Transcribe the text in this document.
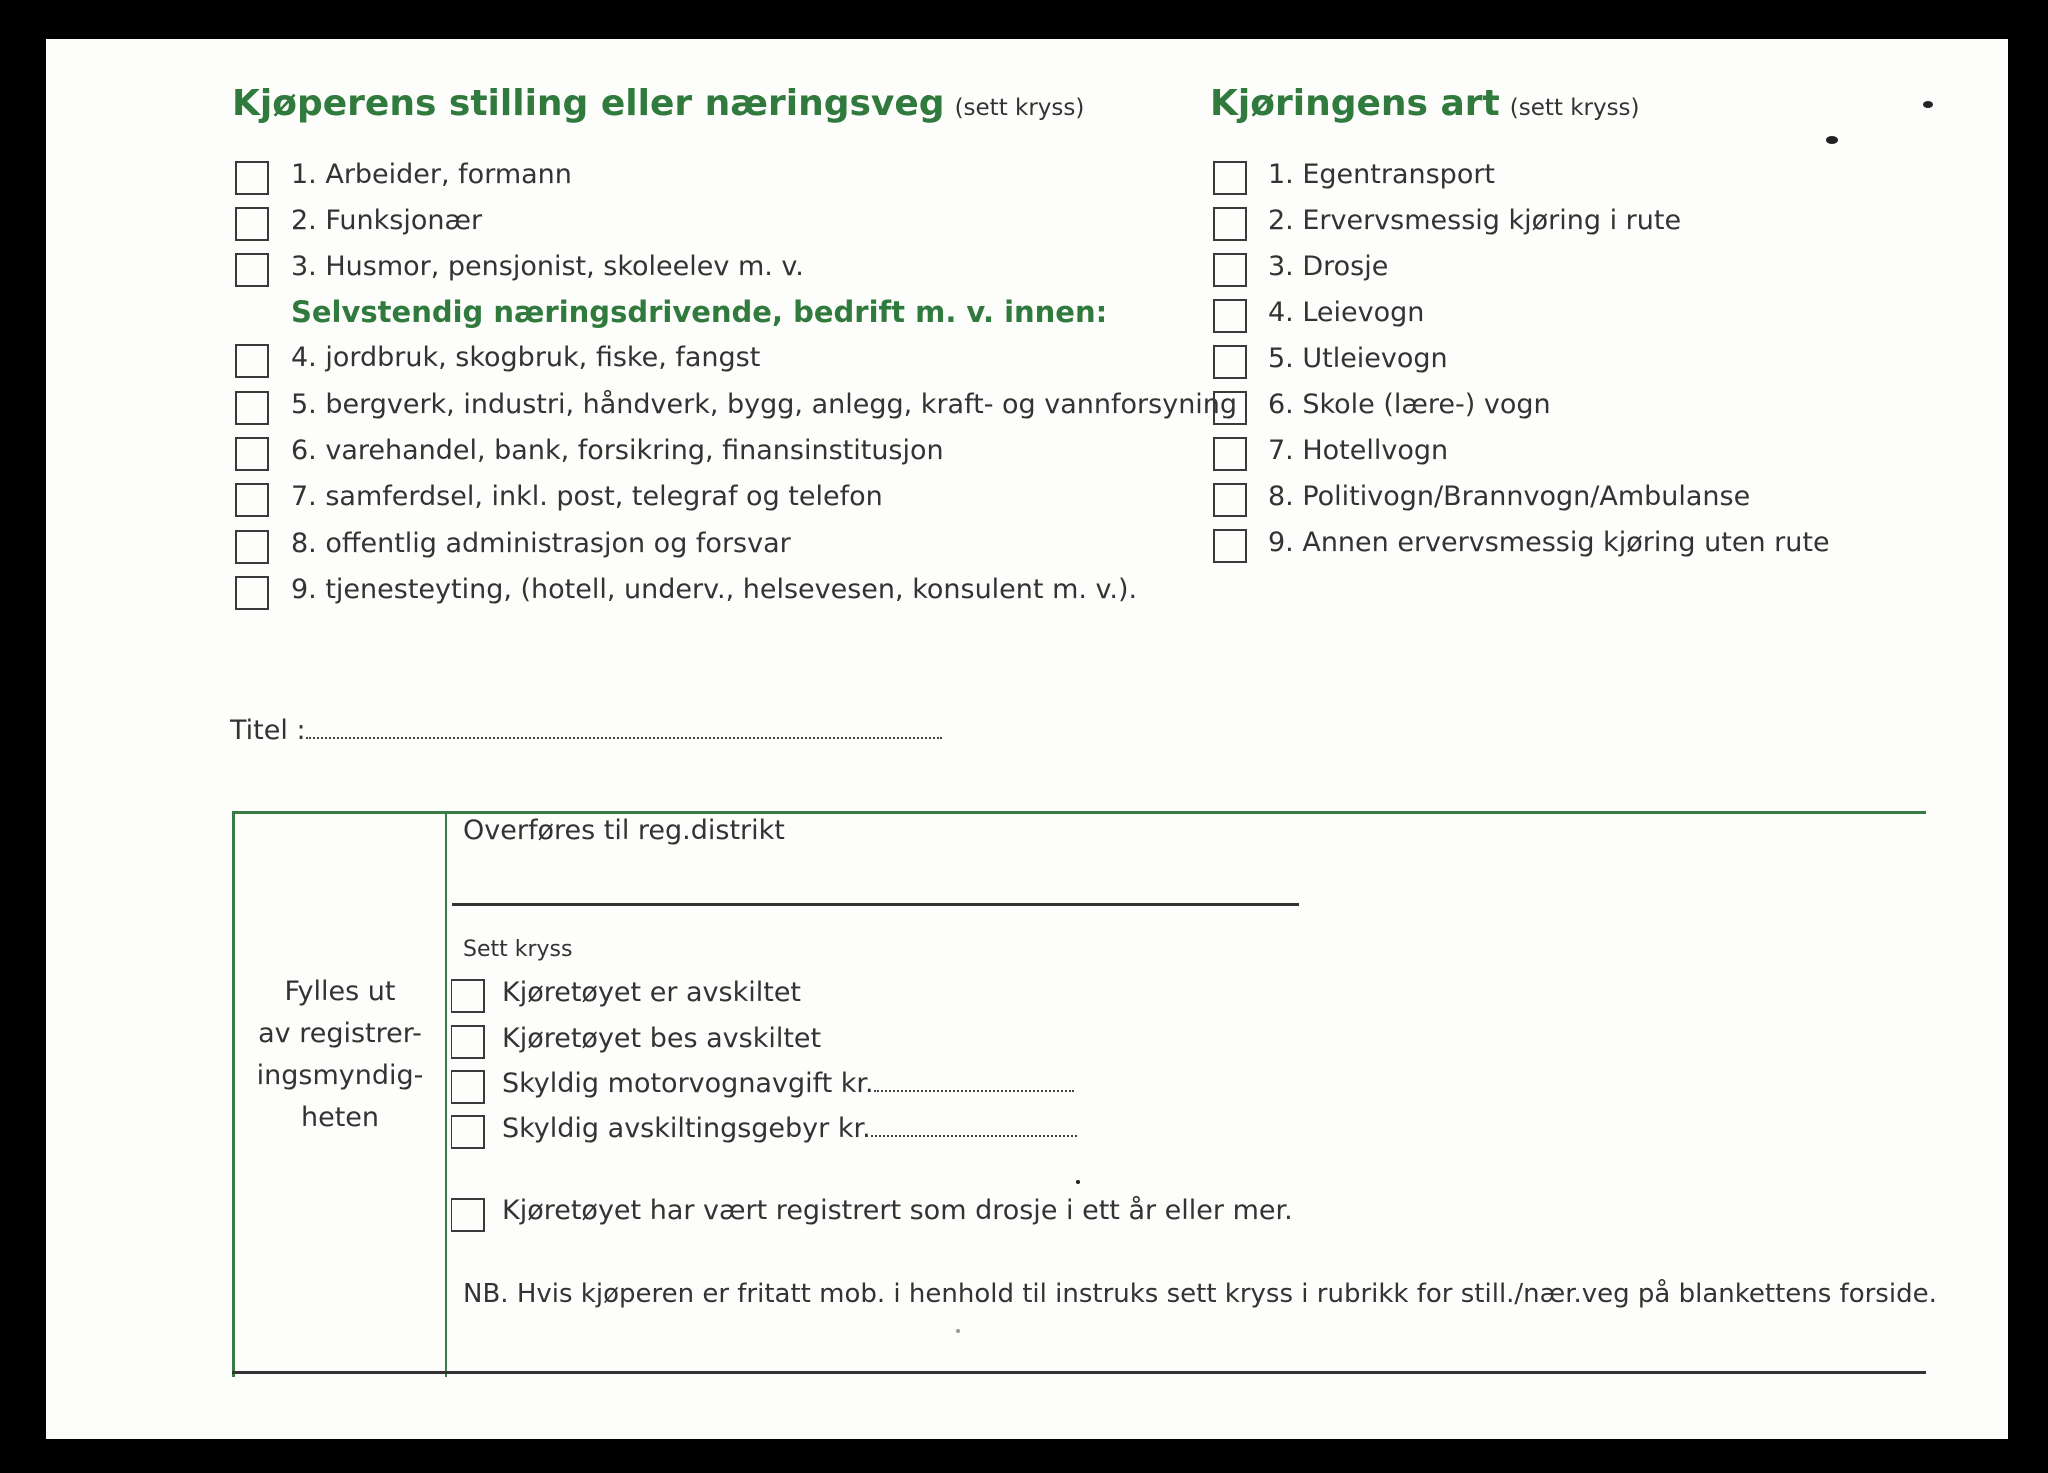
Kjøperens stilling eller næringsveg (sett kryss)
1. Arbeider, formann
2. Funksjonær
3. Husmor, pensjonist, skoleelev m. v.
Selvstendig næringsdrivende, bedrift m. v. innen:
4. jordbruk, skogbruk, fiske, fangst
5. bergverk, industri, håndverk, bygg, anlegg, kraft- og vannforsyning
6. varehandel, bank, forsikring, finansinstitusjon
7. samferdsel, inkl. post, telegraf og telefon
8. offentlig administrasjon og forsvar
9. tjenesteyting, (hotell, underv., helsevesen, konsulent m. v.).
Kjøringens art (sett kryss)
1. Egentransport
2. Ervervsmessig kjøring i rute
3. Drosje
4. Leievogn
5. Utleievogn
6. Skole (lære-) vogn
7. Hotellvogn
8. Politivogn/Brannvogn/Ambulanse
9. Annen ervervsmessig kjøring uten rute
Titel :
Fylles ut
av registrer-
ingsmyndig-
heten
Overføres til reg.distrikt
Sett kryss
Kjøretøyet er avskiltet
Kjøretøyet bes avskiltet
Skyldig motorvognavgift kr.
Skyldig avskiltingsgebyr kr.
Kjøretøyet har vært registrert som drosje i ett år eller mer.
NB. Hvis kjøperen er fritatt mob. i henhold til instruks sett kryss i rubrikk for still./nær.veg på blankettens forside.
